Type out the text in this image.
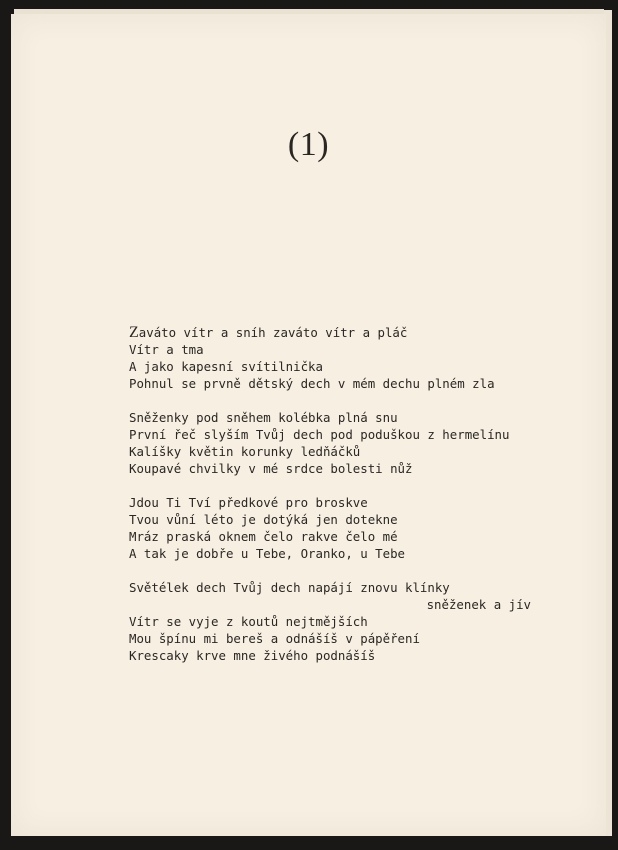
(1)
Zaváto vítr a sníh zaváto vítr a pláč
Vítr a tma
A jako kapesní svítilnička
Pohnul se prvně dětský dech v mém dechu plném zla
Sněženky pod sněhem kolébka plná snu
První řeč slyším Tvůj dech pod poduškou z hermelínu
Kalíšky květin korunky ledňáčků
Koupavé chvilky v mé srdce bolesti nůž
Jdou Ti Tví předkové pro broskve
Tvou vůní léto je dotýká jen dotekne
Mráz praská oknem čelo rakve čelo mé
A tak je dobře u Tebe, Oranko, u Tebe
Světélek dech Tvůj dech napájí znovu klínky
sněženek a jív
Vítr se vyje z koutů nejtmějších
Mou špínu mi bereš a odnášíš v pápěření
Krescaky krve mne živého podnášíš
